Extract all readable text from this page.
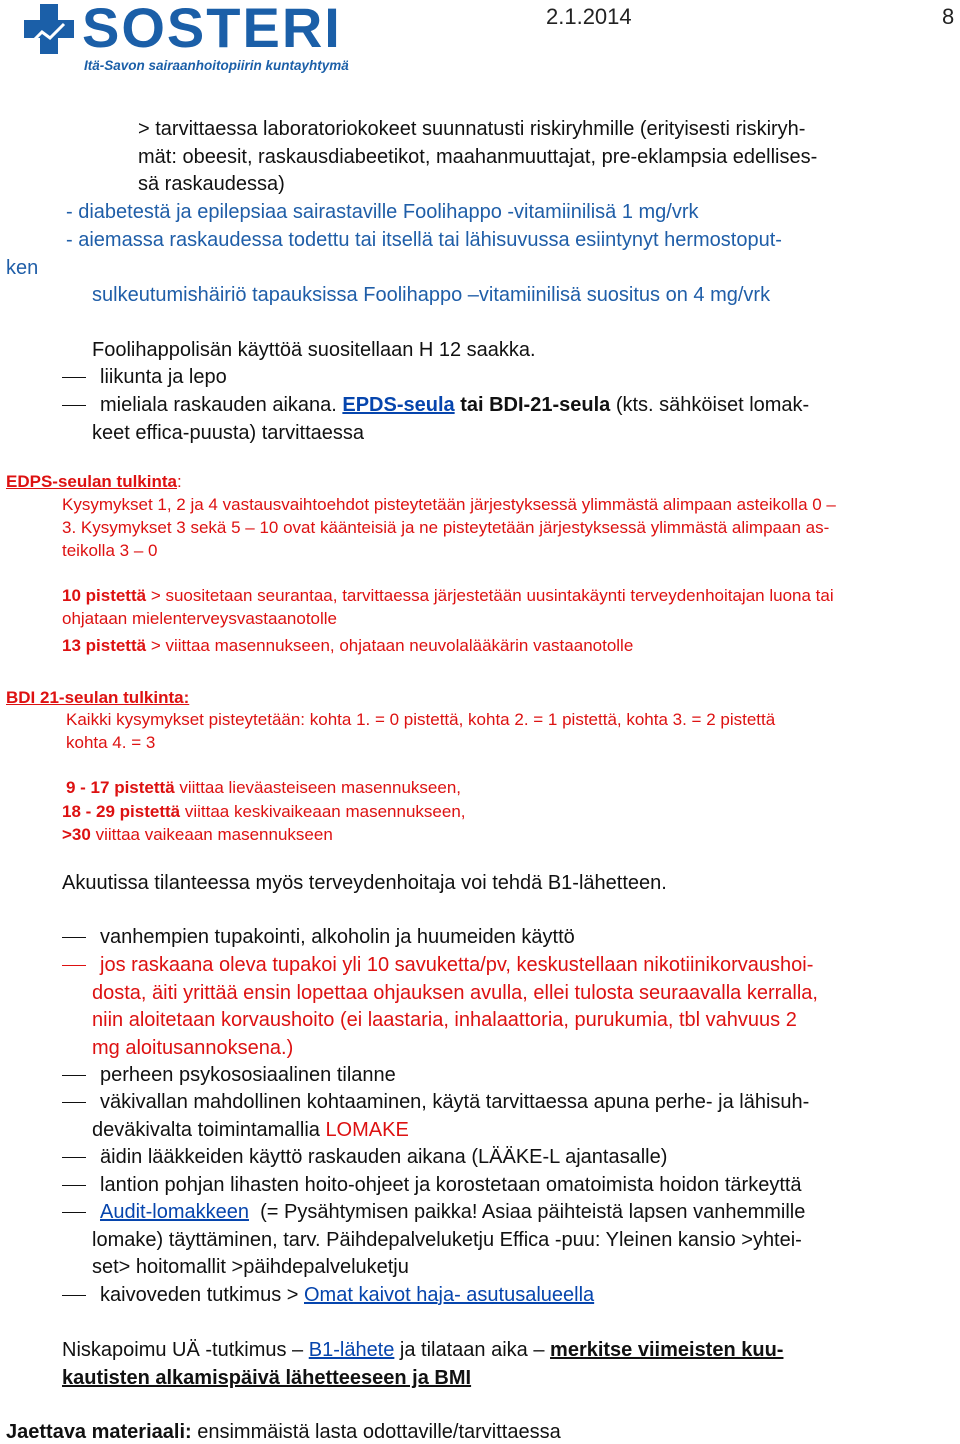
SOSTERI
Itä-Savon sairaanhoitopiirin kuntayhtymä
2.1.2014	8
> tarvittaessa laboratoriokokeet suunnatusti riskiryhmille (erityisesti riskiryh-
mät: obeesit, raskausdiabeetikot, maahanmuuttajat, pre-eklampsia edellises-
sä raskaudessa)
- diabetestä ja epilepsiaa sairastaville Foolihappo -vitamiinilisä 1 mg/vrk
- aiemassa raskaudessa todettu tai itsellä tai lähisuvussa esiintynyt hermostoput-
ken
sulkeutumishäiriö tapauksissa Foolihappo –vitamiinilisä suositus on 4 mg/vrk
Foolihappolisän käyttöä suositellaan H 12 saakka.
liikunta ja lepo
mieliala raskauden aikana. EPDS-seula tai BDI-21-seula (kts. sähköiset lomak-
keet effica-puusta) tarvittaessa
EDPS-seulan tulkinta:
Kysymykset 1, 2 ja 4 vastausvaihtoehdot pisteytetään järjestyksessä ylimmästä alimpaan asteikolla 0 –
3. Kysymykset 3 sekä 5 – 10 ovat käänteisiä ja ne pisteytetään järjestyksessä ylimmästä alimpaan as-
teikolla 3 – 0
10 pistettä > suositetaan seurantaa, tarvittaessa järjestetään uusintakäynti terveydenhoitajan luona tai
ohjataan mielenterveysvastaanotolle
13 pistettä > viittaa masennukseen, ohjataan neuvolalääkärin vastaanotolle
BDI 21-seulan tulkinta:
Kaikki kysymykset pisteytetään: kohta 1. = 0 pistettä, kohta 2. = 1 pistettä, kohta 3. = 2 pistettä
kohta 4. = 3
9 - 17 pistettä viittaa lieväasteiseen masennukseen,
18 - 29 pistettä viittaa keskivaikeaan masennukseen,
>30 viittaa vaikeaan masennukseen
Akuutissa tilanteessa myös terveydenhoitaja voi tehdä B1-lähetteen.
vanhempien tupakointi, alkoholin ja huumeiden käyttö
jos raskaana oleva tupakoi yli 10 savuketta/pv, keskustellaan nikotiinikorvaushoi-
dosta, äiti yrittää ensin lopettaa ohjauksen avulla, ellei tulosta seuraavalla kerralla,
niin aloitetaan korvaushoito (ei laastaria, inhalaattoria, purukumia, tbl vahvuus 2
mg aloitusannoksena.)
perheen psykososiaalinen tilanne
väkivallan mahdollinen kohtaaminen, käytä tarvittaessa apuna perhe- ja lähisuh-
deväkivalta toimintamallia LOMAKE
äidin lääkkeiden käyttö raskauden aikana (LÄÄKE-L ajantasalle)
lantion pohjan lihasten hoito-ohjeet ja korostetaan omatoimista hoidon tärkeyttä
Audit-lomakkeen  (= Pysähtymisen paikka! Asiaa päihteistä lapsen vanhemmille
lomake) täyttäminen, tarv. Päihdepalveluketju Effica -puu: Yleinen kansio >yhtei-
set> hoitomallit >päihdepalveluketju
kaivoveden tutkimus > Omat kaivot haja- asutusalueella
Niskapoimu UÄ -tutkimus – B1-lähete ja tilataan aika – merkitse viimeisten kuu-
kautisten alkamispäivä lähetteeseen ja BMI
Jaettava materiaali: ensimmäistä lasta odottaville/tarvittaessa
